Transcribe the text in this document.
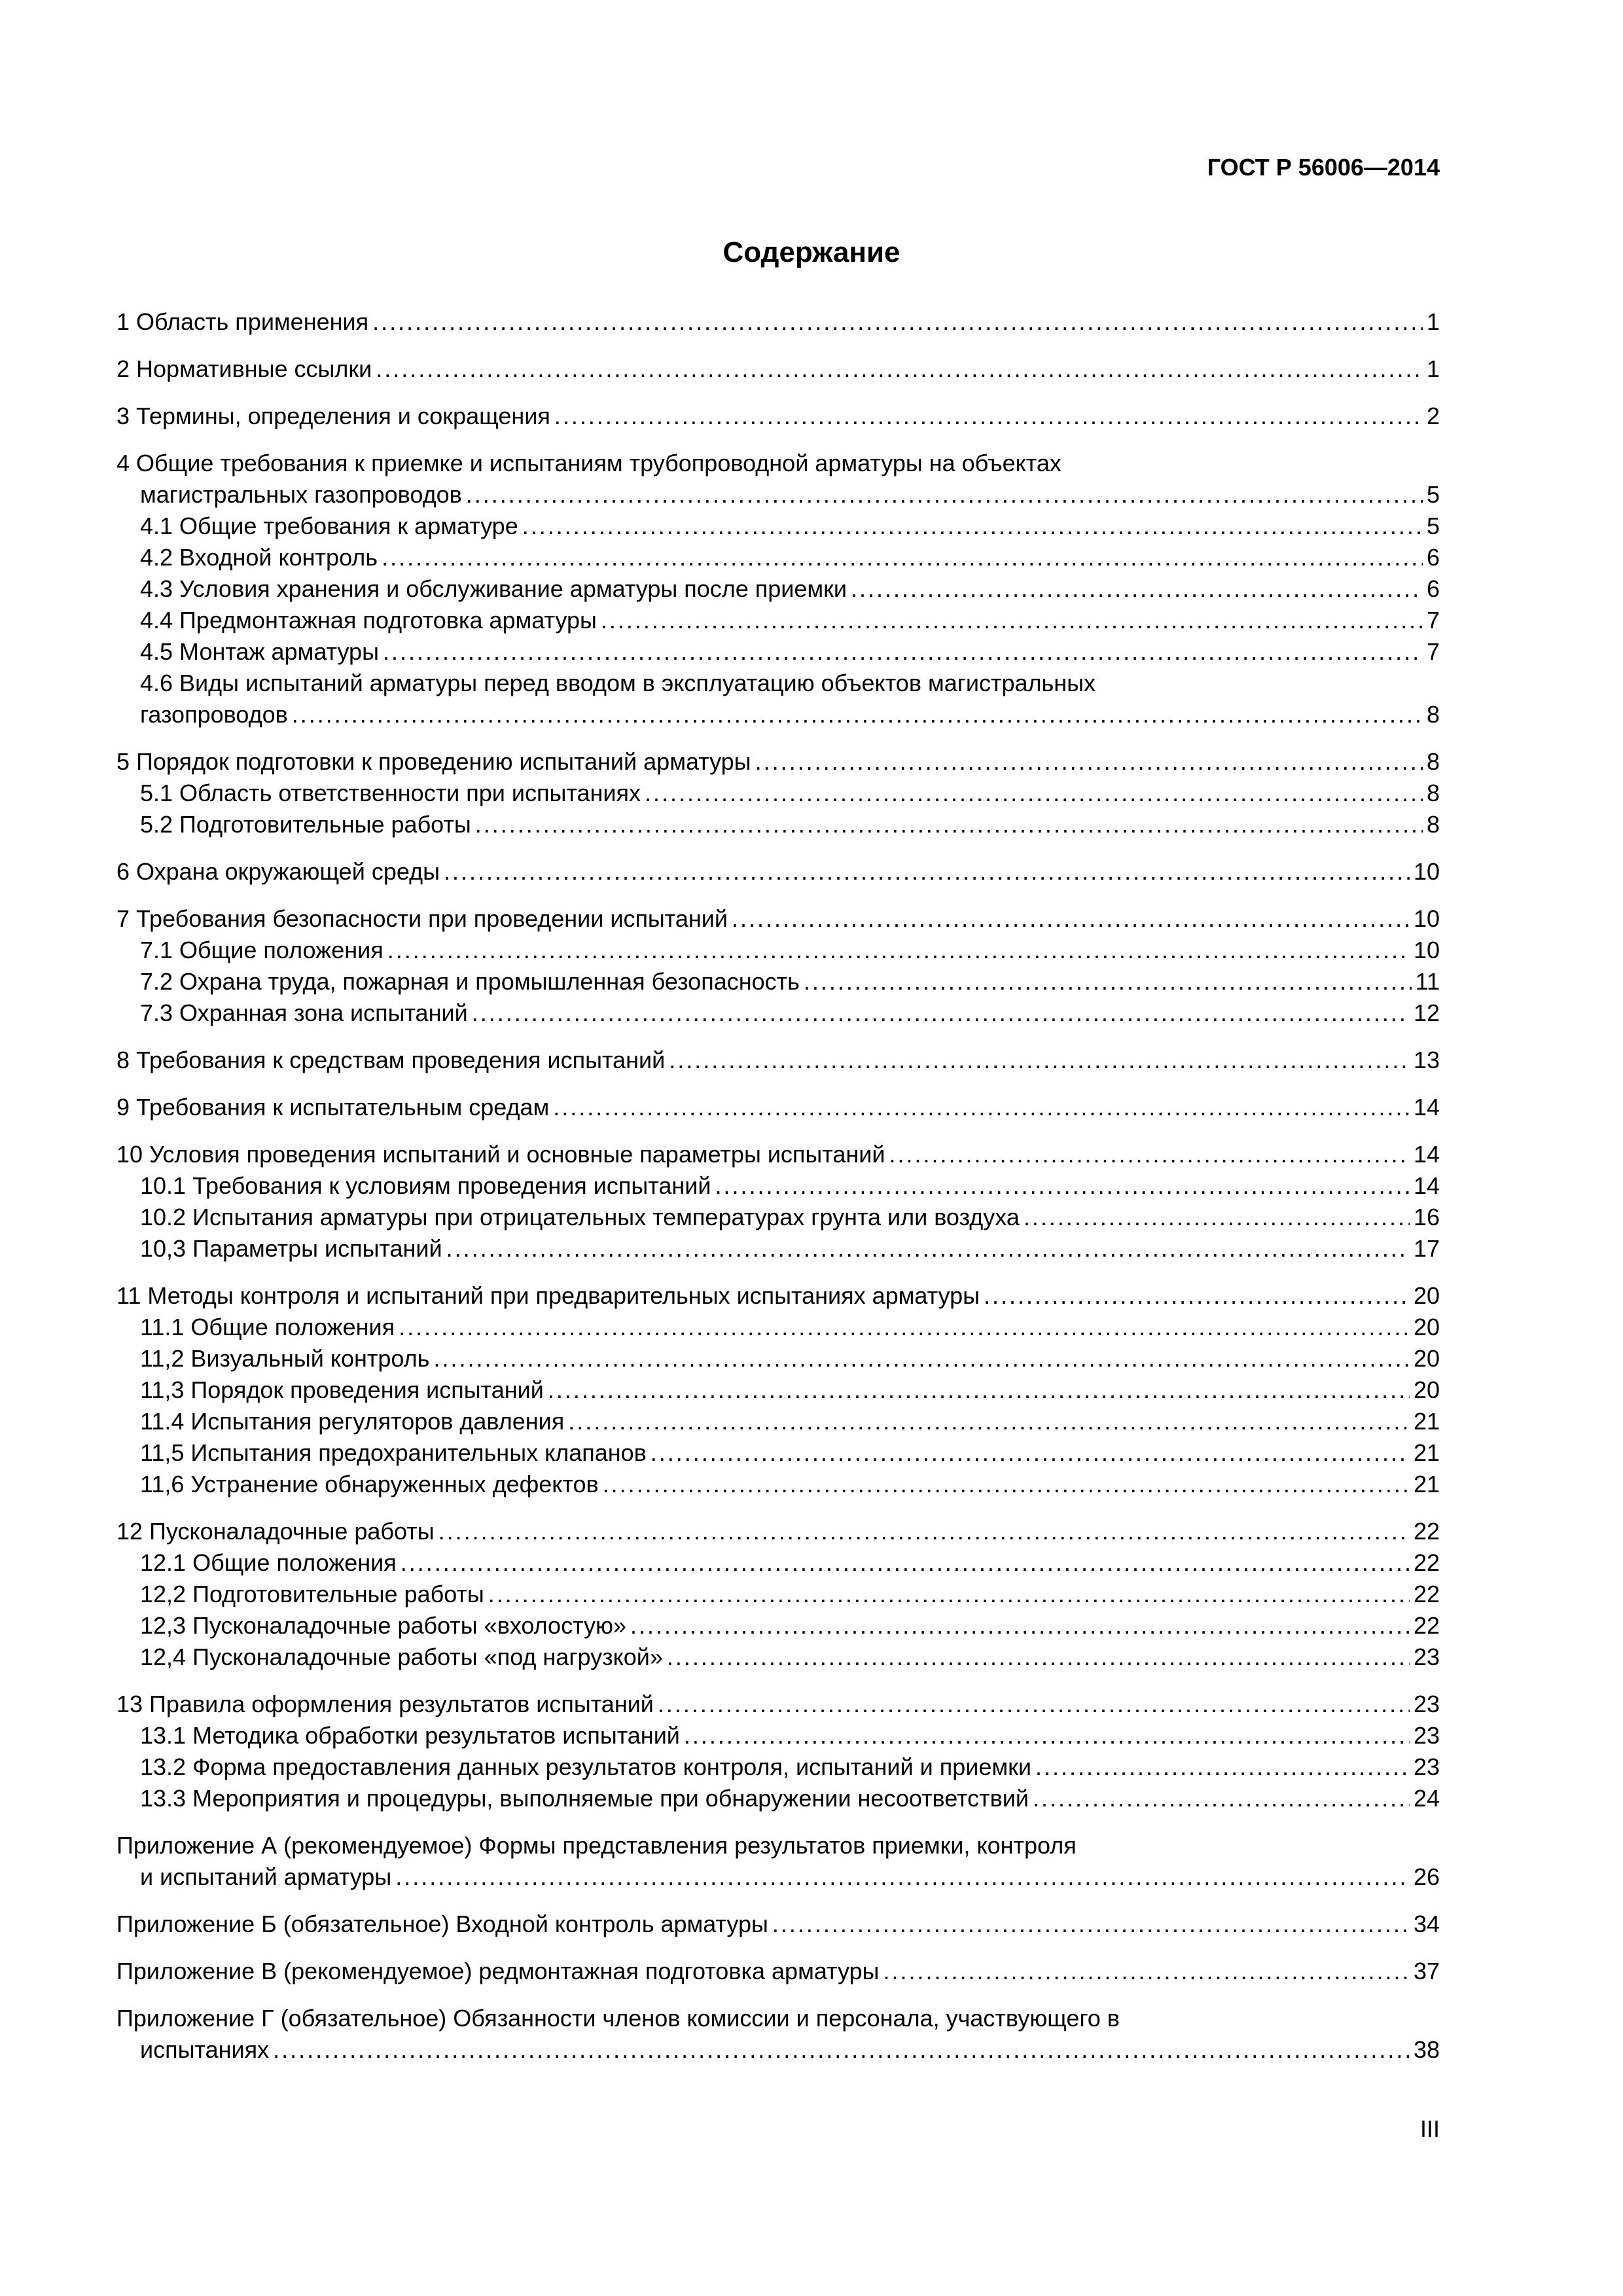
ГОСТ Р 56006—2014
Содержание
1 Область применения .....	1
2 Нормативные ссылки .....	1
3 Термины, определения и сокращения .....	2
4 Общие требования к приемке и испытаниям трубопроводной арматуры на объектах
магистральных газопроводов .....	5
4.1 Общие требования к арматуре .....	5
4.2 Входной контроль .....	6
4.3 Условия хранения и обслуживание арматуры после приемки .....	6
4.4 Предмонтажная подготовка арматуры .....	7
4.5 Монтаж арматуры .....	7
4.6 Виды испытаний арматуры перед вводом в эксплуатацию объектов магистральных
газопроводов .....	8
5 Порядок подготовки к проведению испытаний арматуры .....	8
5.1 Область ответственности при испытаниях .....	8
5.2 Подготовительные работы .....	8
6 Охрана окружающей среды .....	10
7 Требования безопасности при проведении испытаний .....	10
7.1 Общие положения .....	10
7.2 Охрана труда, пожарная и промышленная безопасность .....	11
7.3 Охранная зона испытаний .....	12
8 Требования к средствам проведения испытаний .....	13
9 Требования к испытательным средам .....	14
10 Условия проведения испытаний и основные параметры испытаний .....	14
10.1 Требования к условиям проведения испытаний .....	14
10.2 Испытания арматуры при отрицательных температурах грунта или воздуха .....	16
10,3 Параметры испытаний .....	17
11 Методы контроля и испытаний при предварительных испытаниях арматуры .....	20
11.1 Общие положения .....	20
11,2 Визуальный контроль .....	20
11,3 Порядок проведения испытаний .....	20
11.4 Испытания регуляторов давления .....	21
11,5 Испытания предохранительных клапанов .....	21
11,6 Устранение обнаруженных дефектов .....	21
12 Пусконаладочные работы .....	22
12.1 Общие положения .....	22
12,2 Подготовительные работы .....	22
12,3 Пусконаладочные работы «вхолостую» .....	22
12,4 Пусконаладочные работы «под нагрузкой» .....	23
13 Правила оформления результатов испытаний .....	23
13.1 Методика обработки результатов испытаний .....	23
13.2 Форма предоставления данных результатов контроля, испытаний и приемки .....	23
13.3 Мероприятия и процедуры, выполняемые при обнаружении несоответствий .....	24
Приложение А (рекомендуемое) Формы представления результатов приемки, контроля
и испытаний арматуры .....	26
Приложение Б (обязательное) Входной контроль арматуры .....	34
Приложение В (рекомендуемое) редмонтажная подготовка арматуры .....	37
Приложение Г (обязательное) Обязанности членов комиссии и персонала, участвующего в
испытаниях .....	38
III
